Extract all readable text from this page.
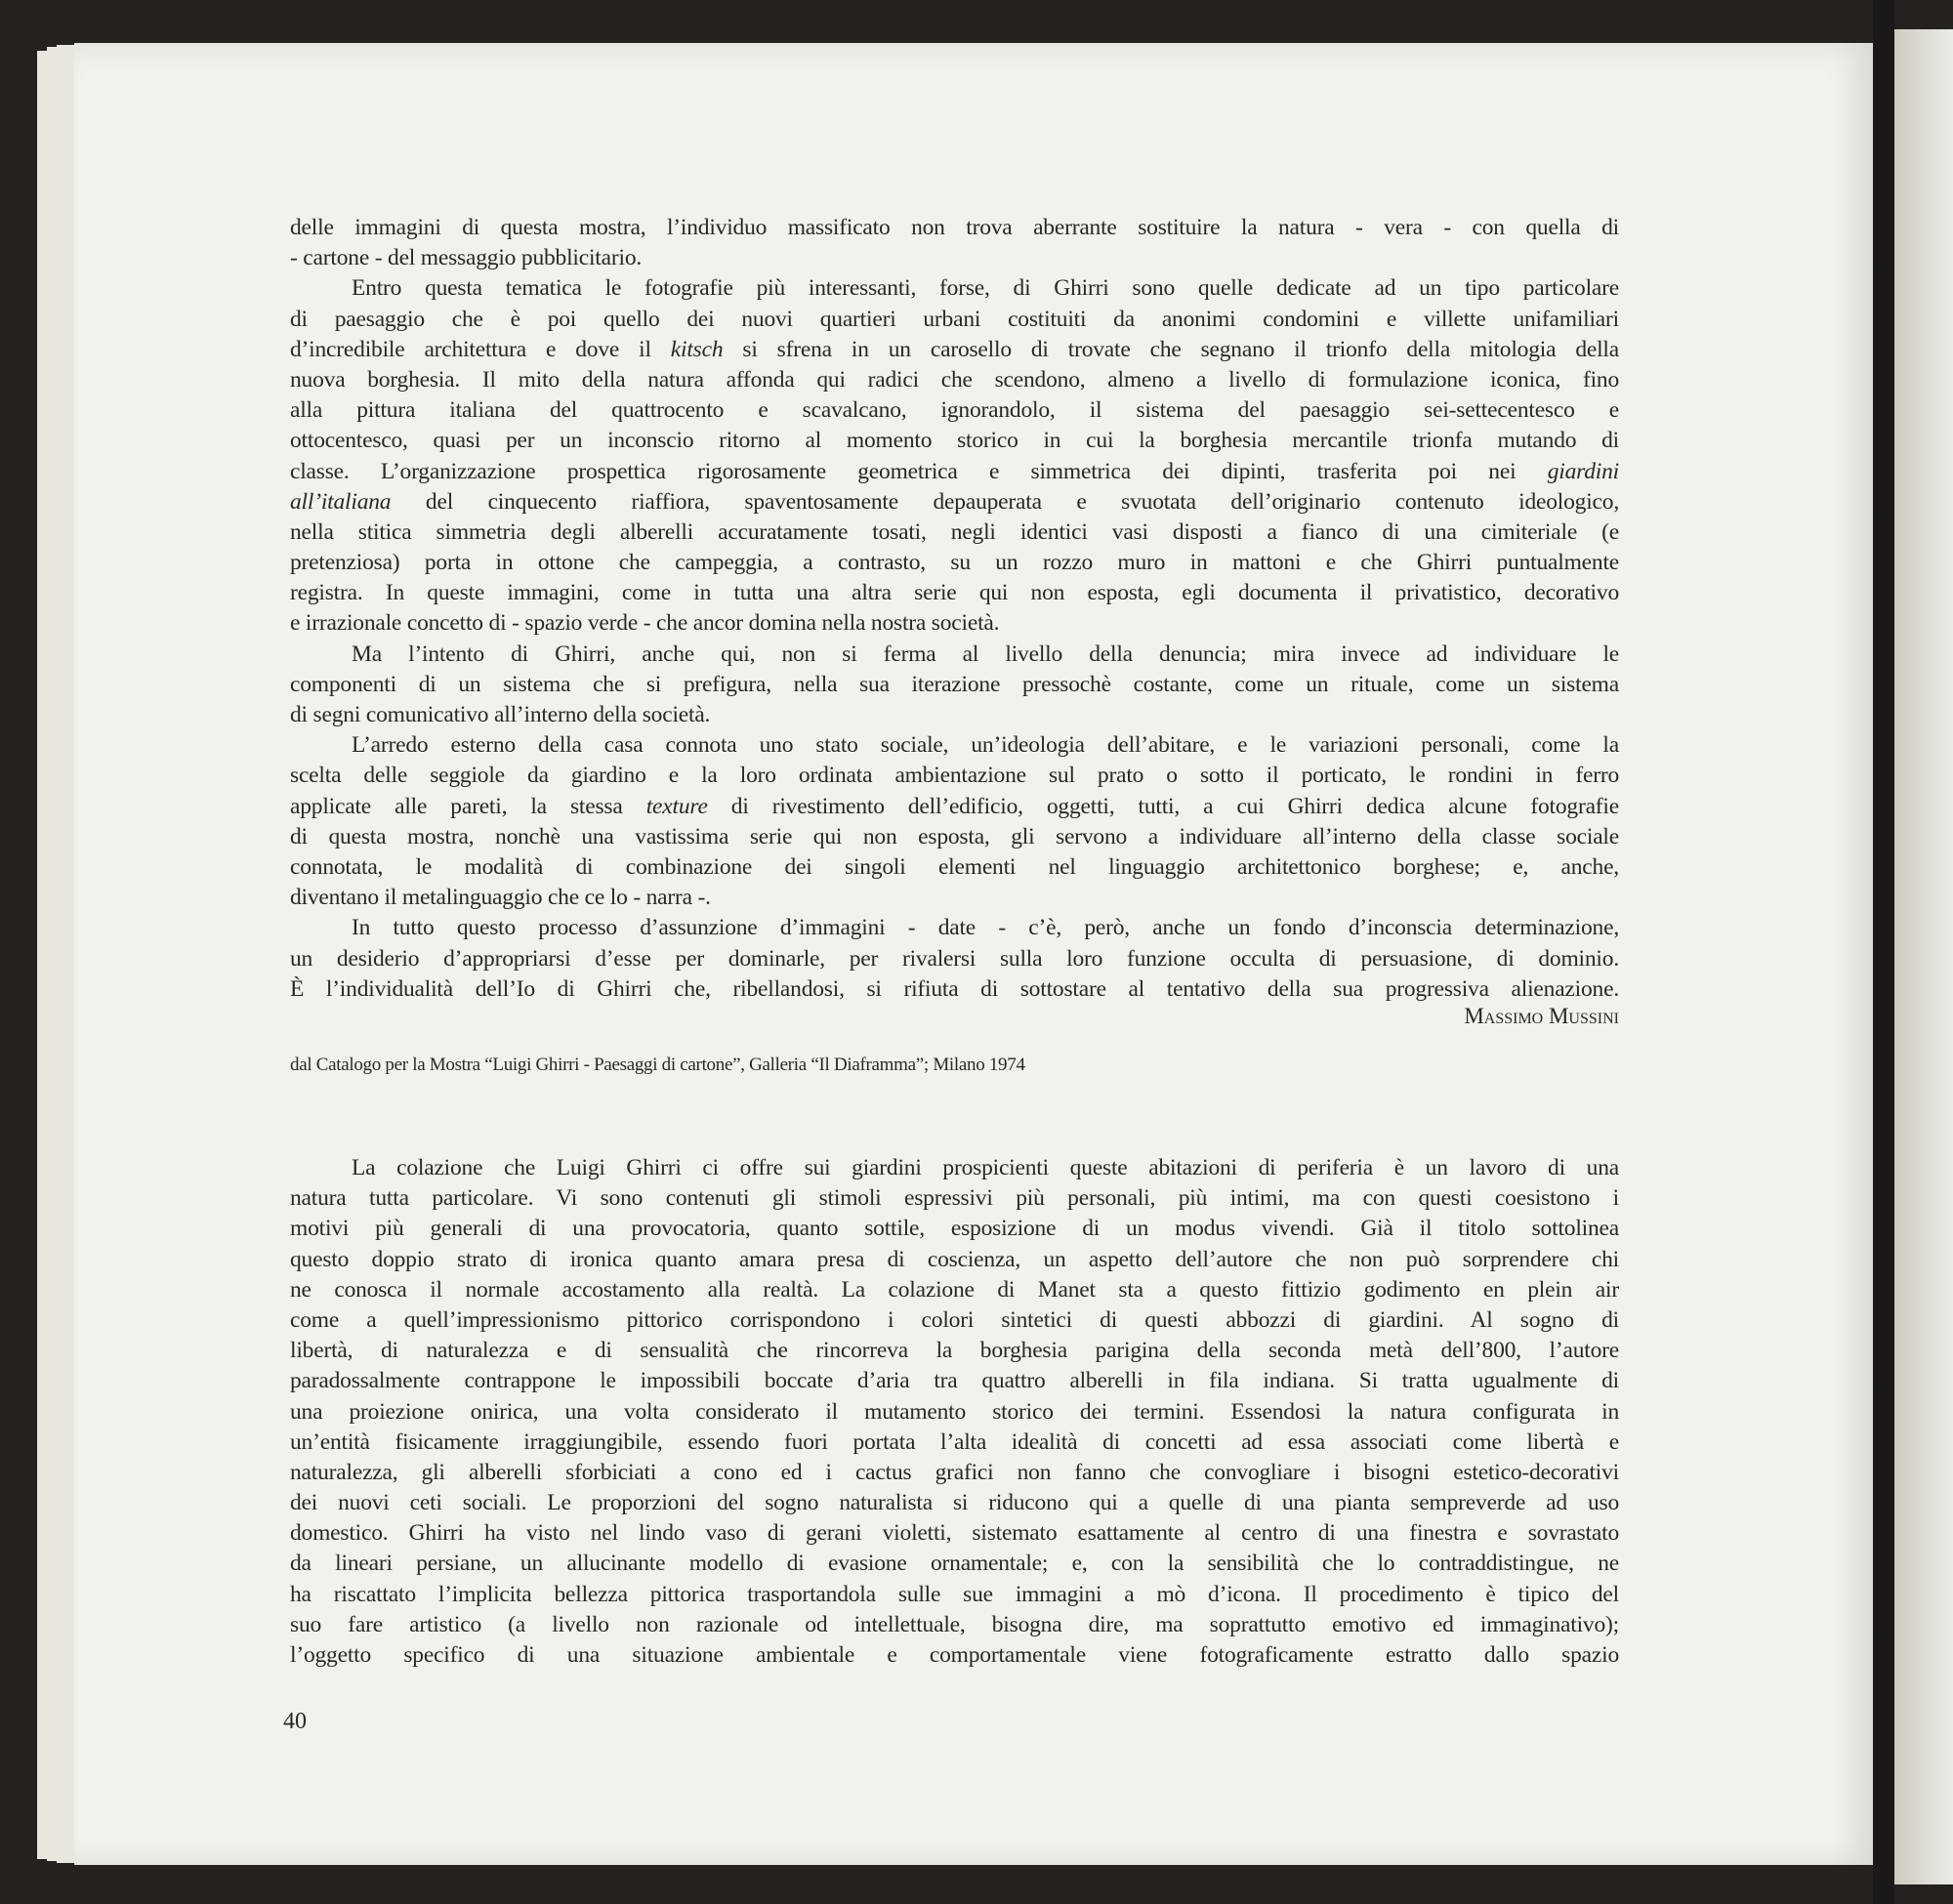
delle immagini di questa mostra, l’individuo massificato non trova aberrante sostituire la natura - vera - con quella di
- cartone - del messaggio pubblicitario.
Entro questa tematica le fotografie più interessanti, forse, di Ghirri sono quelle dedicate ad un tipo particolare
di paesaggio che è poi quello dei nuovi quartieri urbani costituiti da anonimi condomini e villette unifamiliari
d’incredibile architettura e dove il kitsch si sfrena in un carosello di trovate che segnano il trionfo della mitologia della
nuova borghesia. Il mito della natura affonda qui radici che scendono, almeno a livello di formulazione iconica, fino
alla pittura italiana del quattrocento e scavalcano, ignorandolo, il sistema del paesaggio sei-settecentesco e
ottocentesco, quasi per un inconscio ritorno al momento storico in cui la borghesia mercantile trionfa mutando di
classe. L’organizzazione prospettica rigorosamente geometrica e simmetrica dei dipinti, trasferita poi nei giardini
all’italiana del cinquecento riaffiora, spaventosamente depauperata e svuotata dell’originario contenuto ideologico,
nella stitica simmetria degli alberelli accuratamente tosati, negli identici vasi disposti a fianco di una cimiteriale (e
pretenziosa) porta in ottone che campeggia, a contrasto, su un rozzo muro in mattoni e che Ghirri puntualmente
registra. In queste immagini, come in tutta una altra serie qui non esposta, egli documenta il privatistico, decorativo
e irrazionale concetto di - spazio verde - che ancor domina nella nostra società.
Ma l’intento di Ghirri, anche qui, non si ferma al livello della denuncia; mira invece ad individuare le
componenti di un sistema che si prefigura, nella sua iterazione pressochè costante, come un rituale, come un sistema
di segni comunicativo all’interno della società.
L’arredo esterno della casa connota uno stato sociale, un’ideologia dell’abitare, e le variazioni personali, come la
scelta delle seggiole da giardino e la loro ordinata ambientazione sul prato o sotto il porticato, le rondini in ferro
applicate alle pareti, la stessa texture di rivestimento dell’edificio, oggetti, tutti, a cui Ghirri dedica alcune fotografie
di questa mostra, nonchè una vastissima serie qui non esposta, gli servono a individuare all’interno della classe sociale
connotata, le modalità di combinazione dei singoli elementi nel linguaggio architettonico borghese; e, anche,
diventano il metalinguaggio che ce lo - narra -.
In tutto questo processo d’assunzione d’immagini - date - c’è, però, anche un fondo d’inconscia determinazione,
un desiderio d’appropriarsi d’esse per dominarle, per rivalersi sulla loro funzione occulta di persuasione, di dominio.
È l’individualità dell’Io di Ghirri che, ribellandosi, si rifiuta di sottostare al tentativo della sua progressiva alienazione.
Massimo Mussini
dal Catalogo per la Mostra “Luigi Ghirri - Paesaggi di cartone”, Galleria “Il Diaframma”; Milano 1974
La colazione che Luigi Ghirri ci offre sui giardini prospicienti queste abitazioni di periferia è un lavoro di una
natura tutta particolare. Vi sono contenuti gli stimoli espressivi più personali, più intimi, ma con questi coesistono i
motivi più generali di una provocatoria, quanto sottile, esposizione di un modus vivendi. Già il titolo sottolinea
questo doppio strato di ironica quanto amara presa di coscienza, un aspetto dell’autore che non può sorprendere chi
ne conosca il normale accostamento alla realtà. La colazione di Manet sta a questo fittizio godimento en plein air
come a quell’impressionismo pittorico corrispondono i colori sintetici di questi abbozzi di giardini. Al sogno di
libertà, di naturalezza e di sensualità che rincorreva la borghesia parigina della seconda metà dell’800, l’autore
paradossalmente contrappone le impossibili boccate d’aria tra quattro alberelli in fila indiana. Si tratta ugualmente di
una proiezione onirica, una volta considerato il mutamento storico dei termini. Essendosi la natura configurata in
un’entità fisicamente irraggiungibile, essendo fuori portata l’alta idealità di concetti ad essa associati come libertà e
naturalezza, gli alberelli sforbiciati a cono ed i cactus grafici non fanno che convogliare i bisogni estetico-decorativi
dei nuovi ceti sociali. Le proporzioni del sogno naturalista si riducono qui a quelle di una pianta sempreverde ad uso
domestico. Ghirri ha visto nel lindo vaso di gerani violetti, sistemato esattamente al centro di una finestra e sovrastato
da lineari persiane, un allucinante modello di evasione ornamentale; e, con la sensibilità che lo contraddistingue, ne
ha riscattato l’implicita bellezza pittorica trasportandola sulle sue immagini a mò d’icona. Il procedimento è tipico del
suo fare artistico (a livello non razionale od intellettuale, bisogna dire, ma soprattutto emotivo ed immaginativo);
l’oggetto specifico di una situazione ambientale e comportamentale viene fotograficamente estratto dallo spazio
40
